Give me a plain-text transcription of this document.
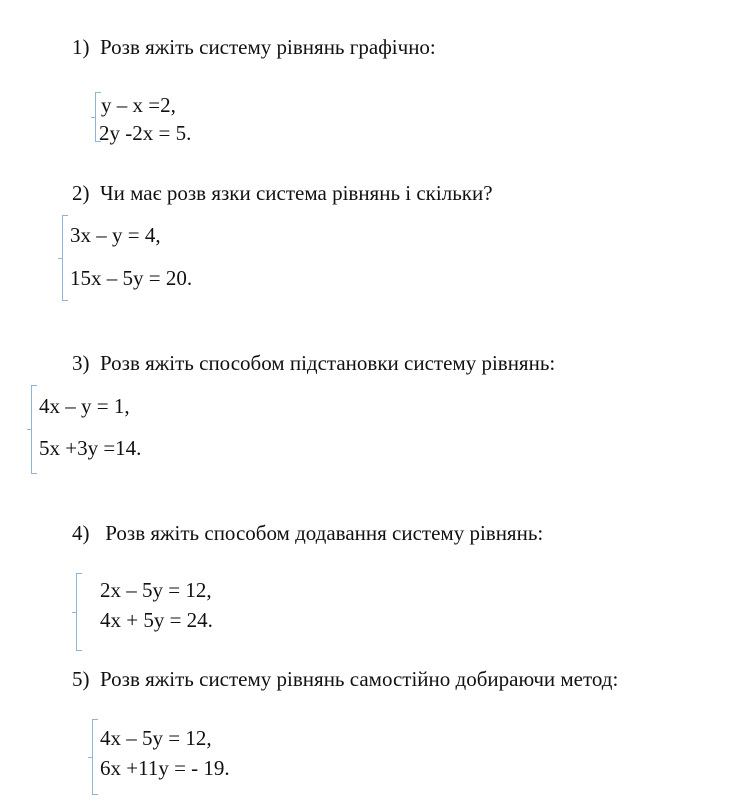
1) Розв яжіть систему рівнянь графічно:
y – x =2,
2y -2x = 5.
2) Чи має розв язки система рівнянь і скільки?
3x – y = 4,
15x – 5y = 20.
3) Розв яжіть способом підстановки систему рівнянь:
4x – y = 1,
5x +3y =14.
4) Розв яжіть способом додавання систему рівнянь:
2x – 5y = 12,
4x + 5y = 24.
5) Розв яжіть систему рівнянь самостійно добираючи метод:
4x – 5y = 12,
6x +11y = - 19.
